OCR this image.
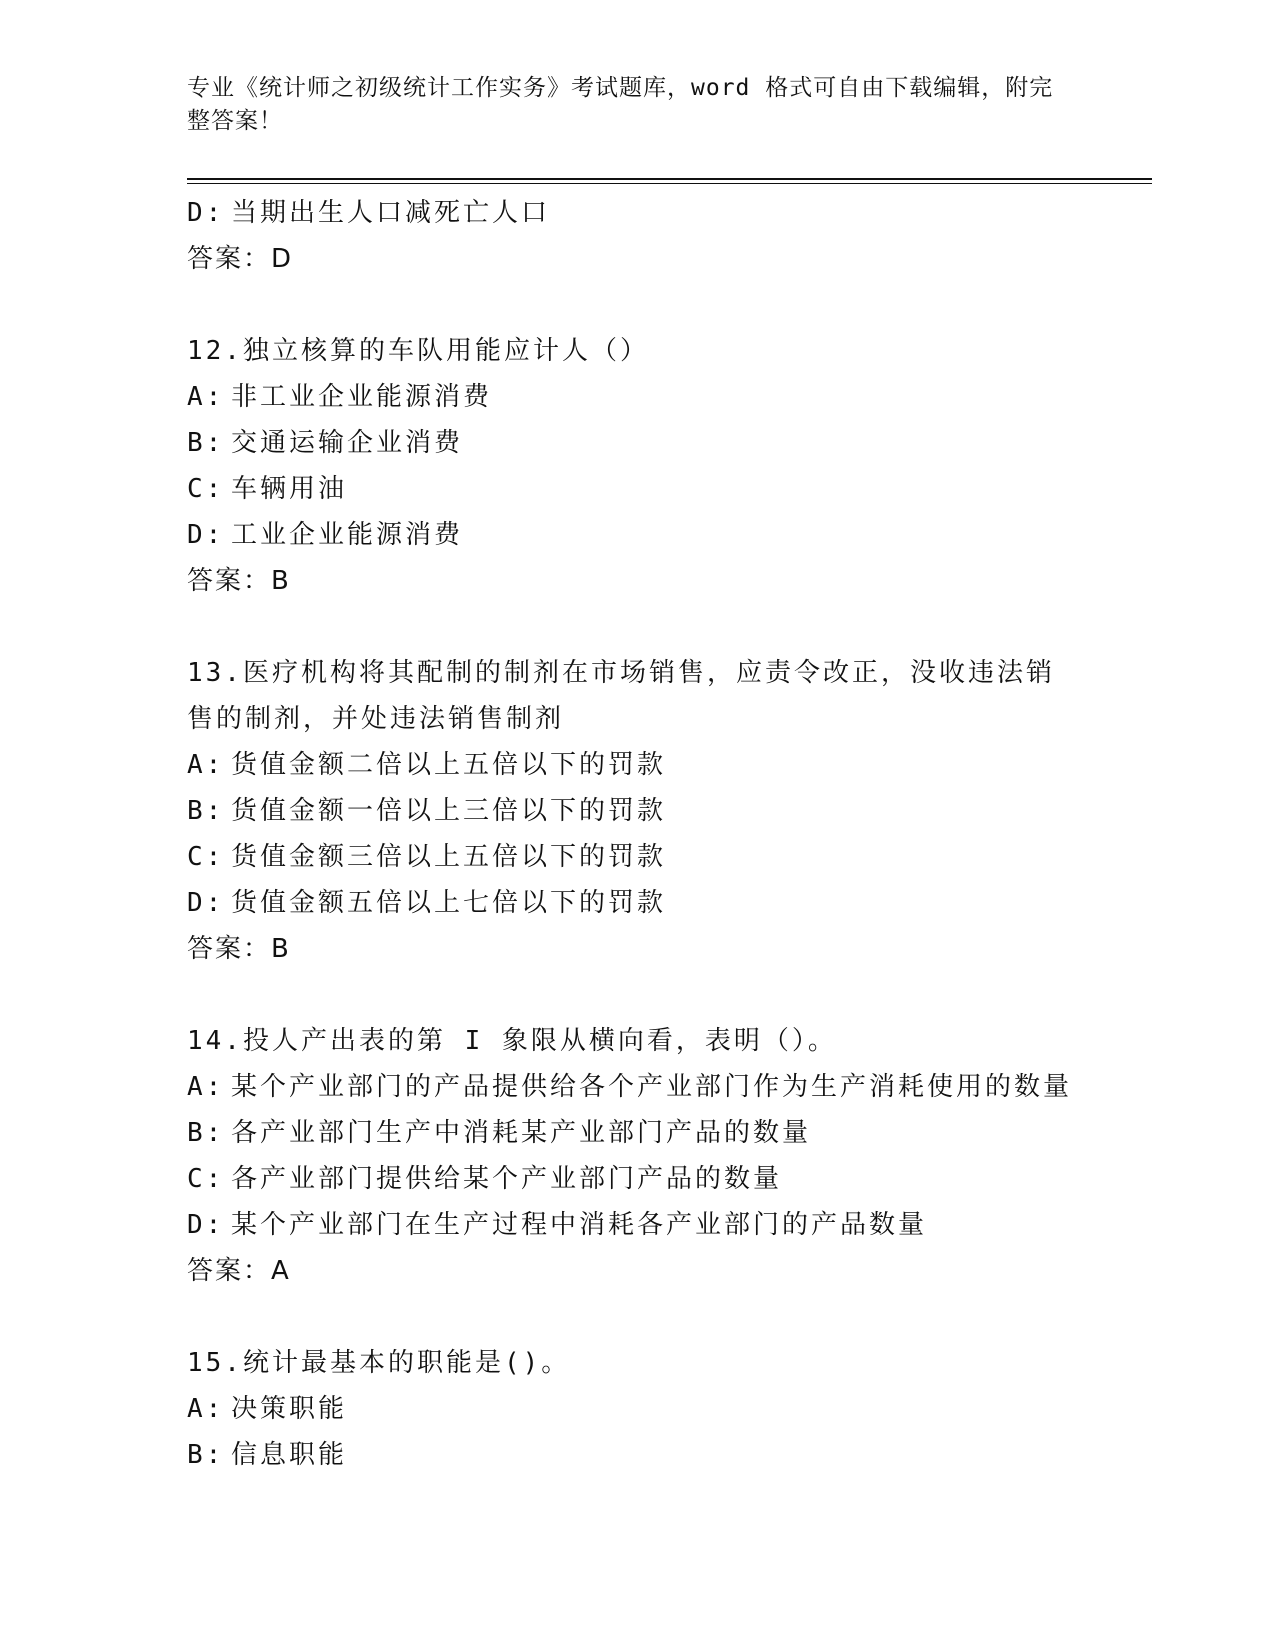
专业《统计师之初级统计工作实务》考试题库，word 格式可自由下载编辑，附完
整答案！

D: 当期出生人口减死亡人口

答案：D

12.独立核算的车队用能应计人（）

A: 非工业企业能源消费

B: 交通运输企业消费

C: 车辆用油

D: 工业企业能源消费

答案：B

13.医疗机构将其配制的制剂在市场销售，应责令改正，没收违法销售的制剂，并处违法销售制剂

A: 货值金额二倍以上五倍以下的罚款

B: 货值金额一倍以上三倍以下的罚款

C: 货值金额三倍以上五倍以下的罚款

D: 货值金额五倍以上七倍以下的罚款

答案：B

14.投人产出表的第 I 象限从横向看，表明（）。

A: 某个产业部门的产品提供给各个产业部门作为生产消耗使用的数量

B: 各产业部门生产中消耗某产业部门产品的数量

C: 各产业部门提供给某个产业部门产品的数量

D: 某个产业部门在生产过程中消耗各产业部门的产品数量

答案：A

15.统计最基本的职能是()。

A: 决策职能

B: 信息职能
